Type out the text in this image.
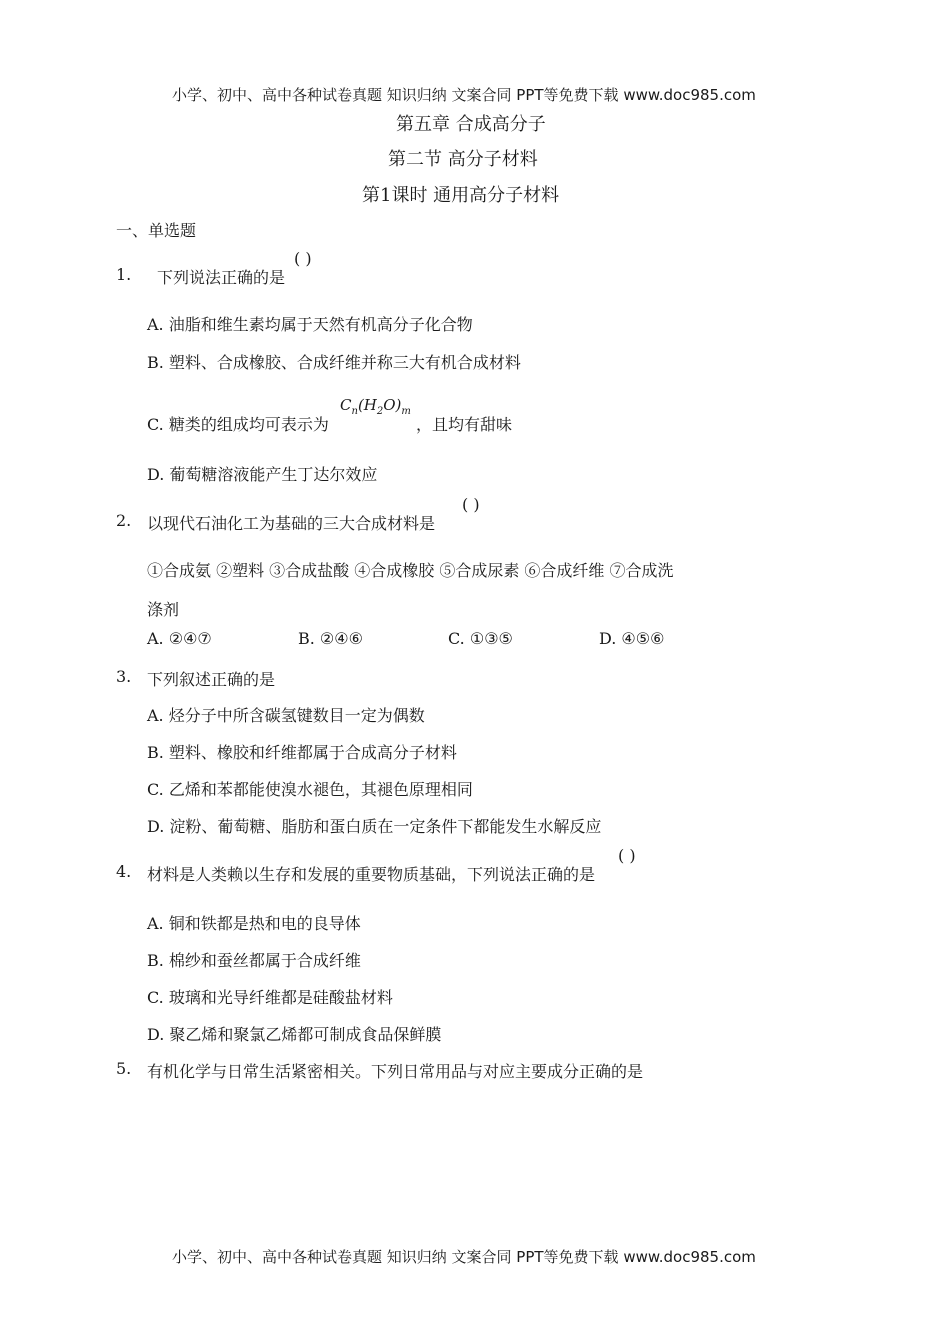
小学、初中、高中各种试卷真题 知识归纳 文案合同 PPT等免费下载 www.doc985.com
第五章 合成高分子
第二节 高分子材料
第1课时 通用高分子材料
一、单选题
1. 下列说法正确的是
( )
A. 油脂和维生素均属于天然有机高分子化合物
B. 塑料、合成橡胶、合成纤维并称三大有机合成材料
C. 糖类的组成均可表示为
$C_n(H_2O)_m$
，且均有甜味
D. 葡萄糖溶液能产生丁达尔效应
2. 以现代石油化工为基础的三大合成材料是
( )
①合成氨 ②塑料 ③合成盐酸 ④合成橡胶 ⑤合成尿素 ⑥合成纤维 ⑦合成洗
涤剂
A. ②④⑦	B. ②④⑥	C. ①③⑤	D. ④⑤⑥
3. 下列叙述正确的是
A. 烃分子中所含碳氢键数目一定为偶数
B. 塑料、橡胶和纤维都属于合成高分子材料
C. 乙烯和苯都能使溴水褪色，其褪色原理相同
D. 淀粉、葡萄糖、脂肪和蛋白质在一定条件下都能发生水解反应
4. 材料是人类赖以生存和发展的重要物质基础，下列说法正确的是
( )
A. 铜和铁都是热和电的良导体
B. 棉纱和蚕丝都属于合成纤维
C. 玻璃和光导纤维都是硅酸盐材料
D. 聚乙烯和聚氯乙烯都可制成食品保鲜膜
5. 有机化学与日常生活紧密相关。下列日常用品与对应主要成分正确的是
小学、初中、高中各种试卷真题 知识归纳 文案合同 PPT等免费下载 www.doc985.com
